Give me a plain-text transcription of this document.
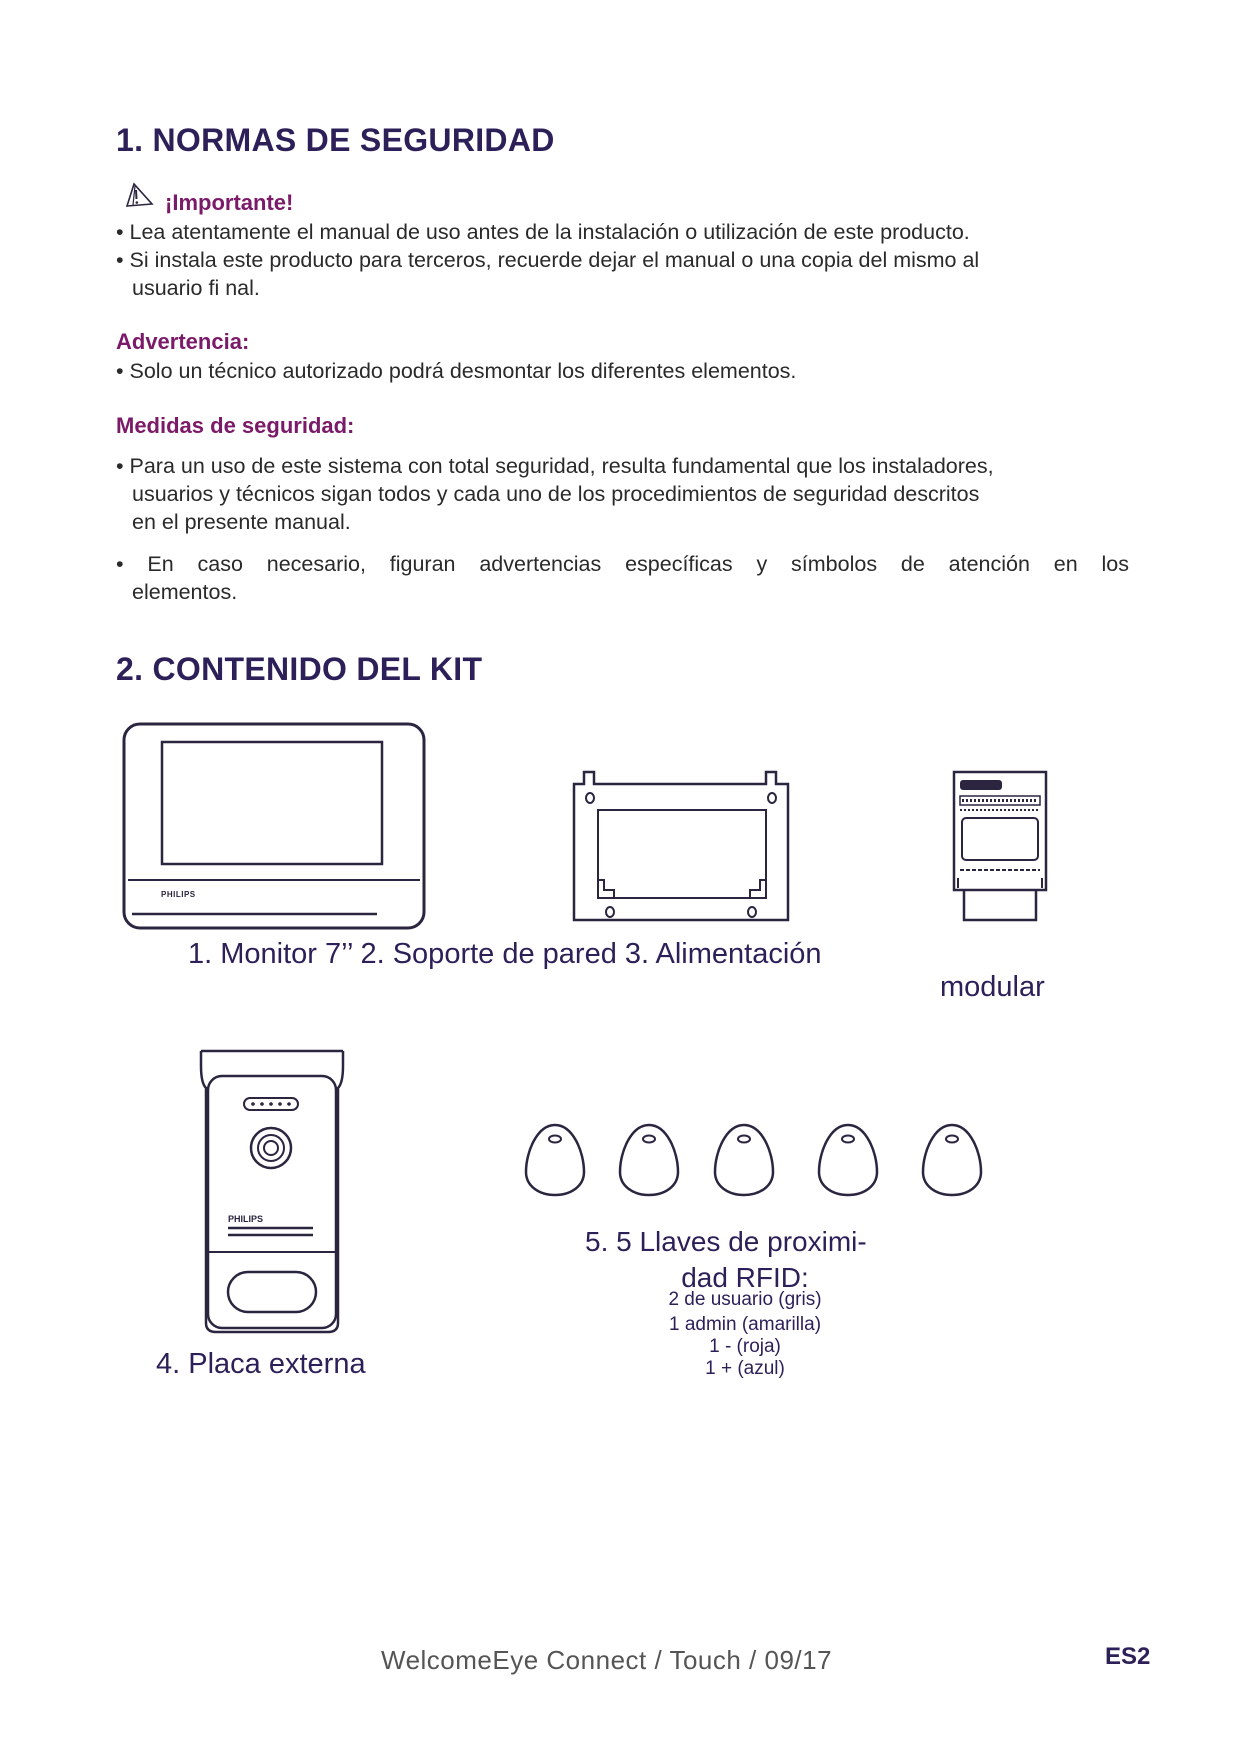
1. NORMAS DE SEGURIDAD
¡Importante!
• Lea atentamente el manual de uso antes de la instalación o utilización de este producto.
• Si instala este producto para terceros, recuerde dejar el manual o una copia del mismo al
usuario fi nal.
Advertencia:
• Solo un técnico autorizado podrá desmontar los diferentes elementos.
Medidas de seguridad:
• Para un uso de este sistema con total seguridad, resulta fundamental que los instaladores,
usuarios y técnicos sigan todos y cada uno de los procedimientos de seguridad descritos
en el presente manual.
• En caso necesario, figuran advertencias específicas y símbolos de atención en los
elementos.
2. CONTENIDO DEL KIT
PHILIPS
1. Monitor 7’’ 2. Soporte de pared 3. Alimentación
modular
PHILIPS
4. Placa externa
5. 5 Llaves de proximi-
dad RFID:
2 de usuario (gris)
1 admin (amarilla)
1 - (roja)
1 + (azul)
WelcomeEye Connect / Touch / 09/17	ES2
